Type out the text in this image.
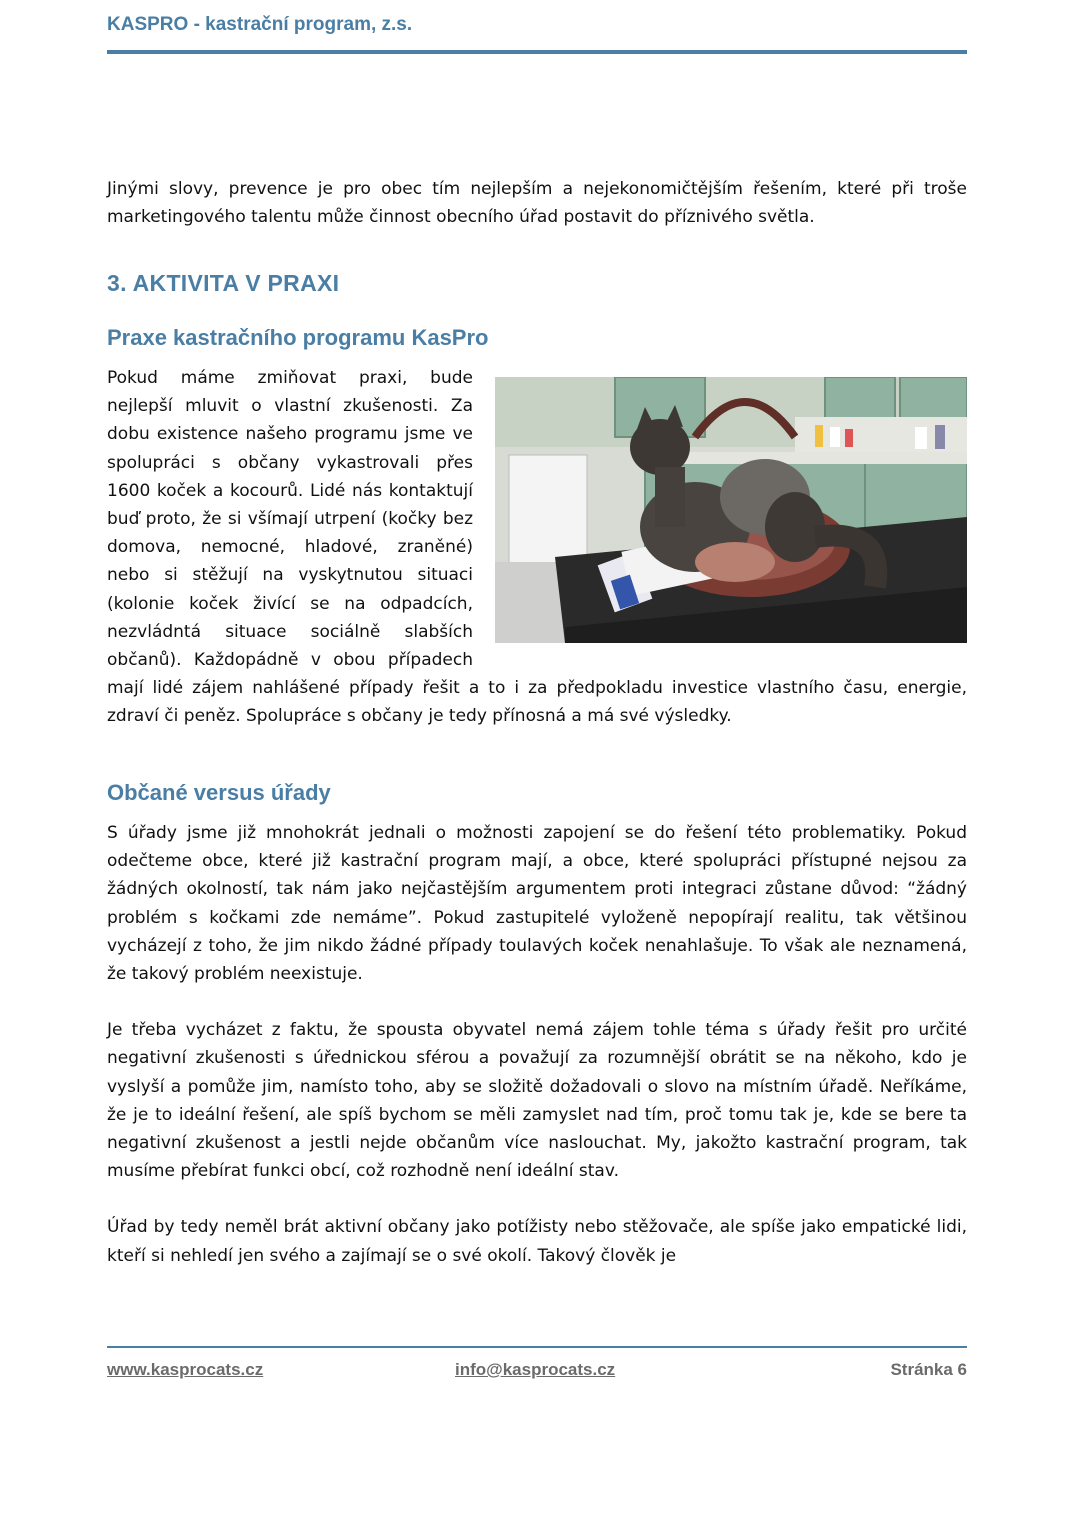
KASPRO - kastrační program, z.s.

Jinými slovy, prevence je pro obec tím nejlepším a nejekonomičtějším řešením, které při troše marketingového talentu může činnost obecního úřad postavit do příznivého světla.

3. AKTIVITA V PRAXI
Praxe kastračního programu KasPro

Pokud máme zmiňovat praxi, bude nejlepší mluvit o vlastní zkušenosti. Za dobu existence našeho programu jsme ve spolupráci s občany vykastrovali přes 1600 koček a kocourů. Lidé nás kontaktují buď proto, že si všímají utrpení (kočky bez domova, nemocné, hladové, zraněné) nebo si stěžují na vyskytnutou situaci (kolonie koček živící se na odpadcích, nezvládntá situace sociálně slabších občanů). Každopádně v obou případech mají lidé zájem nahlášené případy řešit a to i za předpokladu investice vlastního času, energie, zdraví či peněz. Spolupráce s občany je tedy přínosná a má své výsledky.

Občané versus úřady

S úřady jsme již mnohokrát jednali o možnosti zapojení se do řešení této problematiky. Pokud odečteme obce, které již kastrační program mají, a obce, které spolupráci přístupné nejsou za žádných okolností, tak nám jako nejčastějším argumentem proti integraci zůstane důvod: “žádný problém s kočkami zde nemáme”. Pokud zastupitelé vyloženě nepopírají realitu, tak většinou vycházejí z toho, že jim nikdo žádné případy toulavých koček nenahlašuje. To však ale neznamená, že takový problém neexistuje.

Je třeba vycházet z faktu, že spousta obyvatel nemá zájem tohle téma s úřady řešit pro určité negativní zkušenosti s úřednickou sférou a považují za rozumnější obrátit se na někoho, kdo je vyslyší a pomůže jim, namísto toho, aby se složitě dožadovali o slovo na místním úřadě. Neříkáme, že je to ideální řešení, ale spíš bychom se měli zamyslet nad tím, proč tomu tak je, kde se bere ta negativní zkušenost a jestli nejde občanům více naslouchat. My, jakožto kastrační program, tak musíme přebírat funkci obcí, což rozhodně není ideální stav.

Úřad by tedy neměl brát aktivní občany jako potížisty nebo stěžovače, ale spíše jako empatické lidi, kteří si nehledí jen svého a zajímají se o své okolí. Takový člověk je

www.kasprocats.cz	info@kasprocats.cz	Stránka 6
